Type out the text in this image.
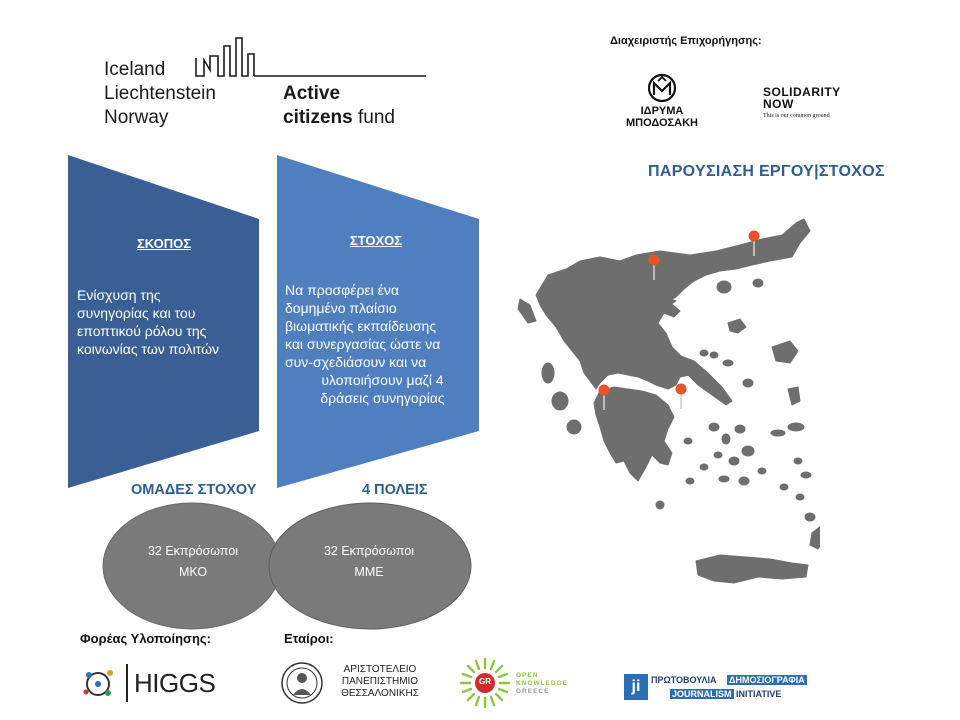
Iceland
Liechtenstein
Norway
Active
citizens fund
Διαχειριστής Επιχορήγησης:
ΙΔΡΥΜΑ
ΜΠΟΔΟΣΑΚΗ
SOLIDARITY
NOW
This is our common ground
ΠΑΡΟΥΣΙΑΣΗ ΕΡΓΟΥ|ΣΤΟΧΟΣ
ΣΚΟΠΟΣ
Ενίσχυση της
συνηγορίας και του
εποπτικού ρόλου της
κοινωνίας των πολιτών
ΣΤΟΧΟΣ
Να προσφέρει ένα
δομημένο πλαίσιο
βιωματικής εκπαίδευσης
και συνεργασίας ώστε να
συν-σχεδιάσουν και να
υλοποιήσουν μαζί 4
δράσεις συνηγορίας
ΟΜΑΔΕΣ ΣΤΟΧΟΥ	4 ΠΟΛΕΙΣ
32 Εκπρόσωποι
ΜΚΟ
32 Εκπρόσωποι
ΜΜΕ
Φορέας Υλοποίησης:	Εταίροι:
HIGGS	ΑΡΙΣΤΟΤΕΛΕΙΟ
ΠΑΝΕΠΙΣΤΗΜΙΟ
ΘΕΣΣΑΛΟΝΙΚΗΣ
GR
OPEN
KNOWLEDGE
GREECE	ji	ΠΡΩΤΟΒΟΥΛΙΑ ΔΗΜΟΣΙΟΓΡΑΦΙΑ
JOURNALISM INITIATIVE
